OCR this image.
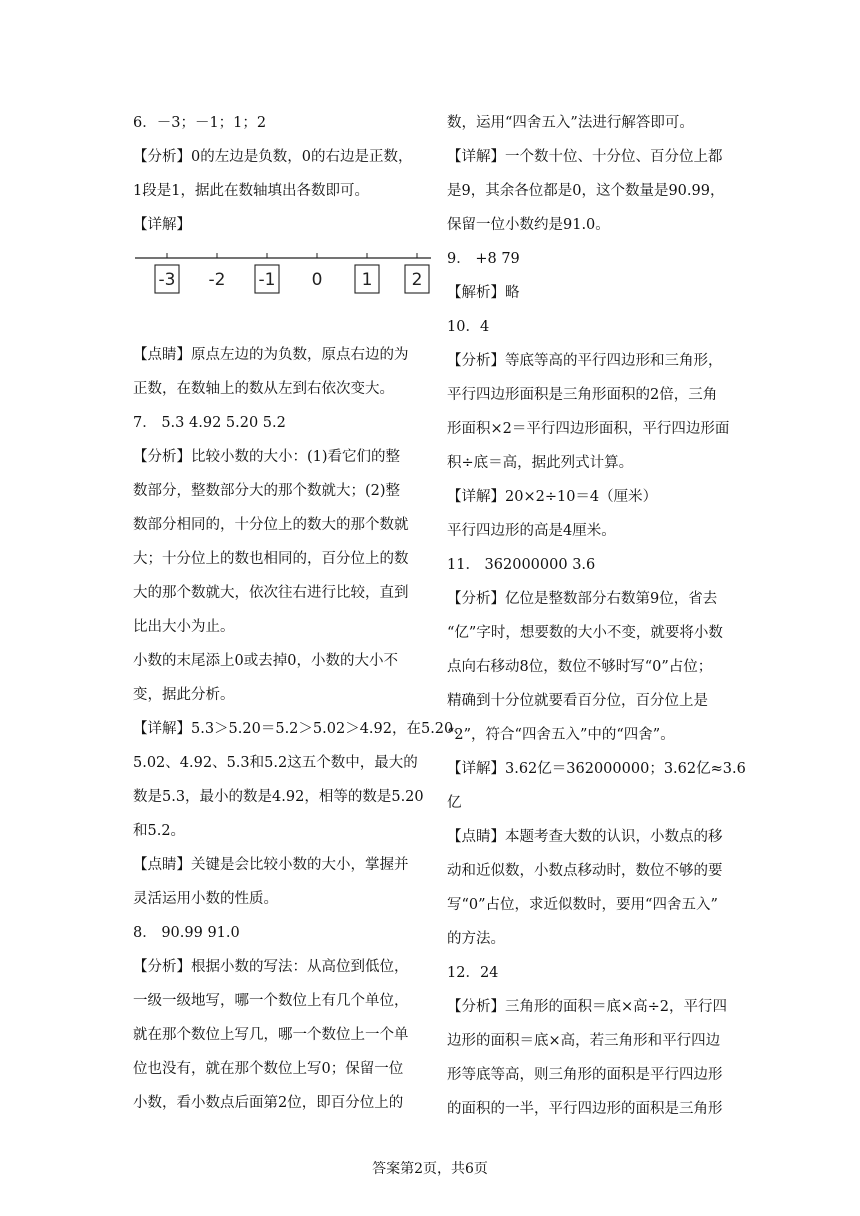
6．－3；－1；1；2
【分析】0的左边是负数，0的右边是正数，
1段是1，据此在数轴填出各数即可。
【详解】
-3 -2 -1 0 1 2
【点睛】原点左边的为负数，原点右边的为
正数，在数轴上的数从左到右依次变大。
7． 5.3 4.92 5.20 5.2
【分析】比较小数的大小：(1)看它们的整
数部分，整数部分大的那个数就大；(2)整
数部分相同的，十分位上的数大的那个数就
大；十分位上的数也相同的，百分位上的数
大的那个数就大，依次往右进行比较，直到
比出大小为止。
小数的末尾添上0或去掉0，小数的大小不
变，据此分析。
【详解】5.3＞5.20＝5.2＞5.02＞4.92，在5.20、
5.02、4.92、5.3和5.2这五个数中，最大的
数是5.3，最小的数是4.92，相等的数是5.20
和5.2。
【点睛】关键是会比较小数的大小，掌握并
灵活运用小数的性质。
8． 90.99 91.0
【分析】根据小数的写法：从高位到低位，
一级一级地写，哪一个数位上有几个单位，
就在那个数位上写几，哪一个数位上一个单
位也没有，就在那个数位上写0；保留一位
小数，看小数点后面第2位，即百分位上的
数，运用“四舍五入”法进行解答即可。
【详解】一个数十位、十分位、百分位上都
是9，其余各位都是0，这个数量是90.99，
保留一位小数约是91.0。
9． +8 79
【解析】略
10．4
【分析】等底等高的平行四边形和三角形，
平行四边形面积是三角形面积的2倍，三角
形面积×2＝平行四边形面积，平行四边形面
积÷底＝高，据此列式计算。
【详解】20×2÷10＝4（厘米）
平行四边形的高是4厘米。
11． 362000000 3.6
【分析】亿位是整数部分右数第9位，省去
“亿”字时，想要数的大小不变，就要将小数
点向右移动8位，数位不够时写“0”占位；
精确到十分位就要看百分位，百分位上是
“2”，符合“四舍五入”中的“四舍”。
【详解】3.62亿＝362000000；3.62亿≈3.6
亿
【点睛】本题考查大数的认识，小数点的移
动和近似数，小数点移动时，数位不够的要
写“0”占位，求近似数时，要用“四舍五入”
的方法。
12．24
【分析】三角形的面积＝底×高÷2，平行四
边形的面积＝底×高，若三角形和平行四边
形等底等高，则三角形的面积是平行四边形
的面积的一半，平行四边形的面积是三角形
答案第2页，共6页
